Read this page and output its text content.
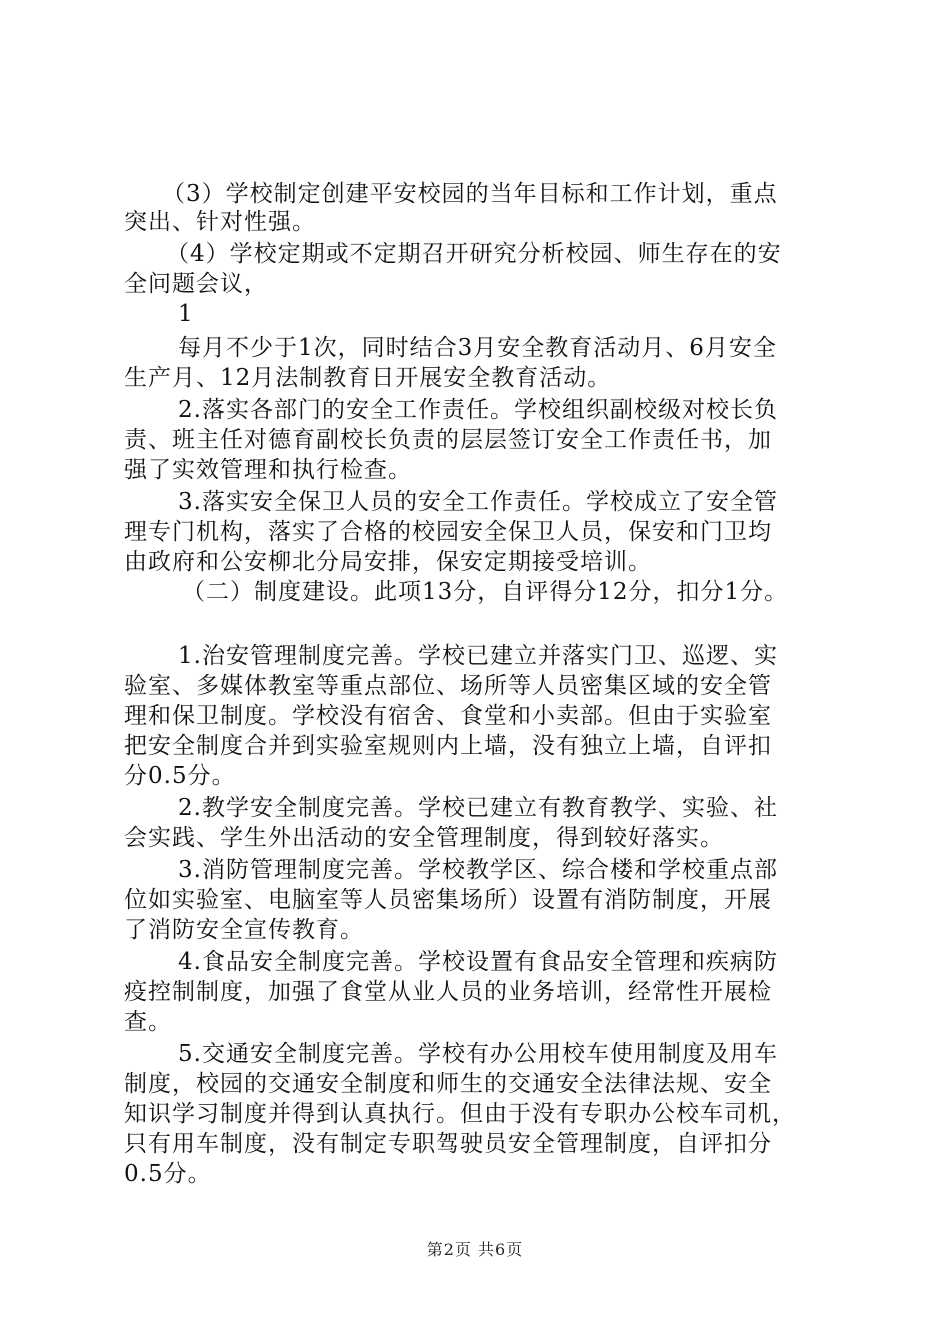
（3）学校制定创建平安校园的当年目标和工作计划，重点
突出、针对性强。
（4）学校定期或不定期召开研究分析校园、师生存在的安
全问题会议，
1
每月不少于1次，同时结合3月安全教育活动月、6月安全
生产月、12月法制教育日开展安全教育活动。
2.落实各部门的安全工作责任。学校组织副校级对校长负
责、班主任对德育副校长负责的层层签订安全工作责任书，加
强了实效管理和执行检查。
3.落实安全保卫人员的安全工作责任。学校成立了安全管
理专门机构，落实了合格的校园安全保卫人员，保安和门卫均
由政府和公安柳北分局安排，保安定期接受培训。
（二）制度建设。此项13分，自评得分12分，扣分1分。
1.治安管理制度完善。学校已建立并落实门卫、巡逻、实
验室、多媒体教室等重点部位、场所等人员密集区域的安全管
理和保卫制度。学校没有宿舍、食堂和小卖部。但由于实验室
把安全制度合并到实验室规则内上墙，没有独立上墙，自评扣
分0.5分。
2.教学安全制度完善。学校已建立有教育教学、实验、社
会实践、学生外出活动的安全管理制度，得到较好落实。
3.消防管理制度完善。学校教学区、综合楼和学校重点部
位如实验室、电脑室等人员密集场所）设置有消防制度，开展
了消防安全宣传教育。
4.食品安全制度完善。学校设置有食品安全管理和疾病防
疫控制制度，加强了食堂从业人员的业务培训，经常性开展检
查。
5.交通安全制度完善。学校有办公用校车使用制度及用车
制度，校园的交通安全制度和师生的交通安全法律法规、安全
知识学习制度并得到认真执行。但由于没有专职办公校车司机，
只有用车制度，没有制定专职驾驶员安全管理制度，自评扣分
0.5分。
第2页 共6页
